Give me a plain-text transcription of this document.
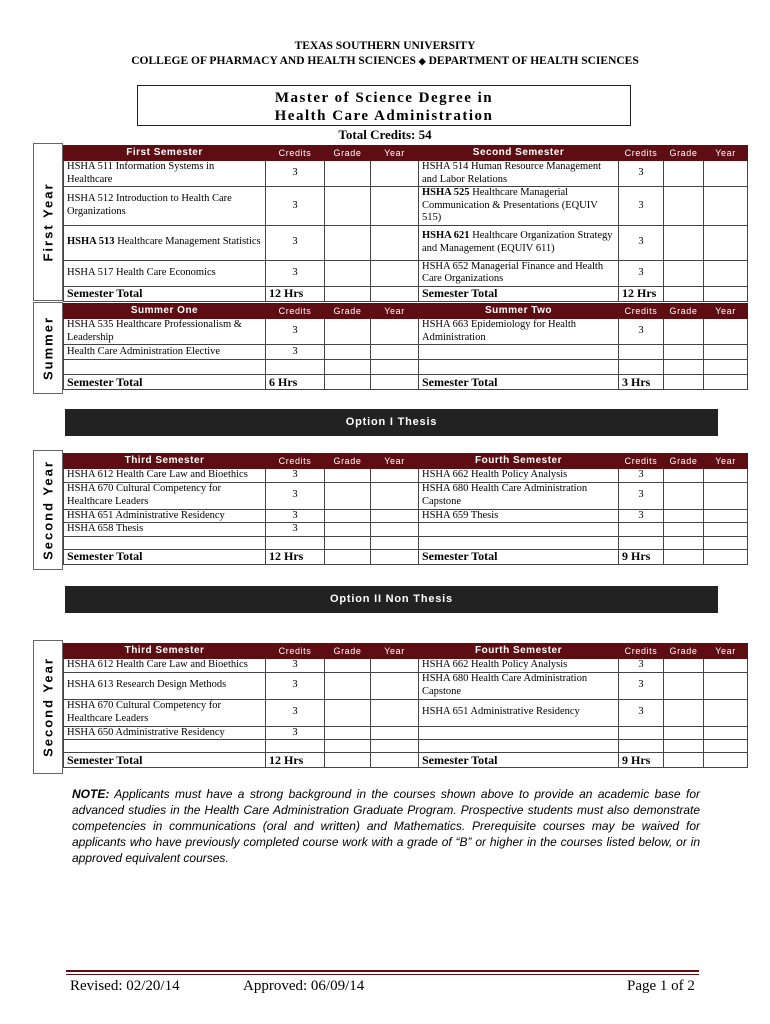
TEXAS SOUTHERN UNIVERSITY
COLLEGE OF PHARMACY AND HEALTH SCIENCES ◆ DEPARTMENT OF HEALTH SCIENCES
Master of Science Degree in
Health Care Administration
Total Credits: 54
First Year
Summer
Second Year
Second Year
First Semester	Credits	Grade	Year	Second Semester	Credits	Grade	Year
HSHA 511 Information Systems in Healthcare	3			HSHA 514 Human Resource Management and Labor Relations	3		
HSHA 512 Introduction to Health Care Organizations	3			HSHA 525 Healthcare Managerial Communication & Presentations (EQUIV 515)	3		
HSHA 513 Healthcare Management Statistics	3			HSHA 621 Healthcare Organization Strategy and Management (EQUIV 611)	3		
HSHA 517 Health Care Economics	3			HSHA 652 Managerial Finance and Health Care Organizations	3		
Semester Total	12 Hrs			Semester Total	12 Hrs		
Summer One	Credits	Grade	Year	Summer Two	Credits	Grade	Year
HSHA 535 Healthcare Professionalism & Leadership	3			HSHA 663 Epidemiology for Health Administration	3		
Health Care Administration Elective	3						

Semester Total	6 Hrs			Semester Total	3 Hrs		
Option I Thesis
Third Semester	Credits	Grade	Year	Fourth Semester	Credits	Grade	Year
HSHA 612 Health Care Law and Bioethics	3			HSHA 662 Health Policy Analysis	3		
HSHA 670 Cultural Competency for Healthcare Leaders	3			HSHA 680 Health Care Administration Capstone	3		
HSHA 651 Administrative Residency	3			HSHA 659 Thesis	3		
HSHA 658 Thesis	3						

Semester Total	12 Hrs			Semester Total	9 Hrs		
Option II Non Thesis
Third Semester	Credits	Grade	Year	Fourth Semester	Credits	Grade	Year
HSHA 612 Health Care Law and Bioethics	3			HSHA 662 Health Policy Analysis	3		
HSHA 613 Research Design Methods	3			HSHA 680 Health Care Administration Capstone	3		
HSHA 670 Cultural Competency for Healthcare Leaders	3			HSHA 651 Administrative Residency	3		
HSHA 650 Administrative Residency	3						

Semester Total	12 Hrs			Semester Total	9 Hrs		
NOTE: Applicants must have a strong background in the courses shown above to provide an academic base for advanced studies in the Health Care Administration Graduate Program. Prospective students must also demonstrate competencies in communications (oral and written) and Mathematics. Prerequisite courses may be waived for applicants who have previously completed course work with a grade of “B” or higher in the courses listed below, or in approved equivalent courses.
Revised: 02/20/14	Approved: 06/09/14	Page 1 of 2
